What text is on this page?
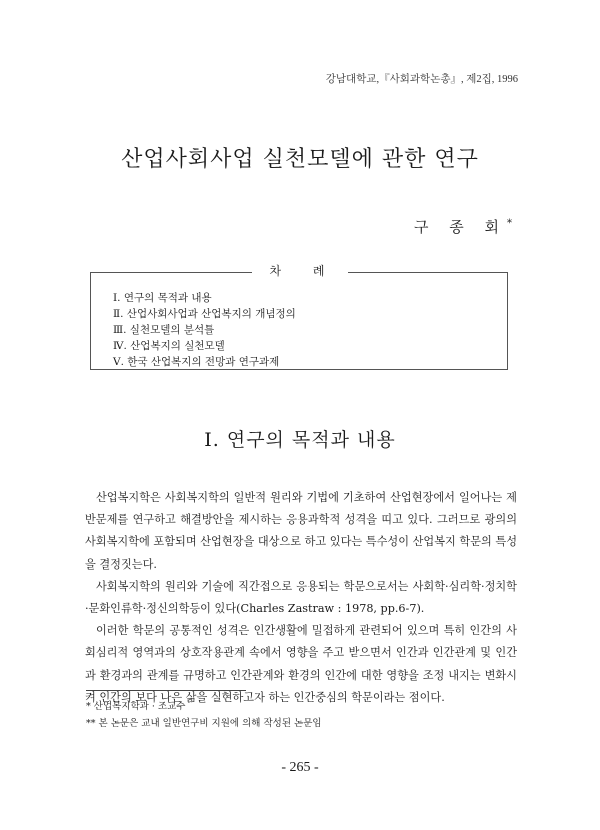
강남대학교,『사회과학논총』, 제2집, 1996
산업사회사업 실천모델에 관한 연구
구 종 회*
차 례
Ⅰ. 연구의 목적과 내용
Ⅱ. 산업사회사업과 산업복지의 개념정의
Ⅲ. 실천모델의 분석틀
Ⅳ. 산업복지의 실천모델
Ⅴ. 한국 산업복지의 전망과 연구과제
Ⅰ. 연구의 목적과 내용

산업복지학은 사회복지학의 일반적 원리와 기법에 기초하여 산업현장에서 일어나는 제반문제를 연구하고 해결방안을 제시하는 응용과학적 성격을 띠고 있다. 그러므로 광의의 사회복지학에 포함되며 산업현장을 대상으로 하고 있다는 특수성이 산업복지 학문의 특성을 결정짓는다.

사회복지학의 원리와 기술에 직간접으로 응용되는 학문으로서는 사회학·심리학·정치학·문화인류학·정신의학등이 있다(Charles Zastraw : 1978, pp.6-7).

이러한 학문의 공통적인 성격은 인간생활에 밀접하게 관련되어 있으며 특히 인간의 사회심리적 영역과의 상호작용관계 속에서 영향을 주고 받으면서 인간과 인간관계 및 인간과 환경과의 관계를 규명하고 인간관계와 환경의 인간에 대한 영향을 조정 내지는 변화시켜 인간의 보다 나은 삶을 실현하고자 하는 인간중심의 학문이라는 점이다.

* 산업복지학과 · 조교수
** 본 논문은 교내 일반연구비 지원에 의해 작성된 논문임
- 265 -
